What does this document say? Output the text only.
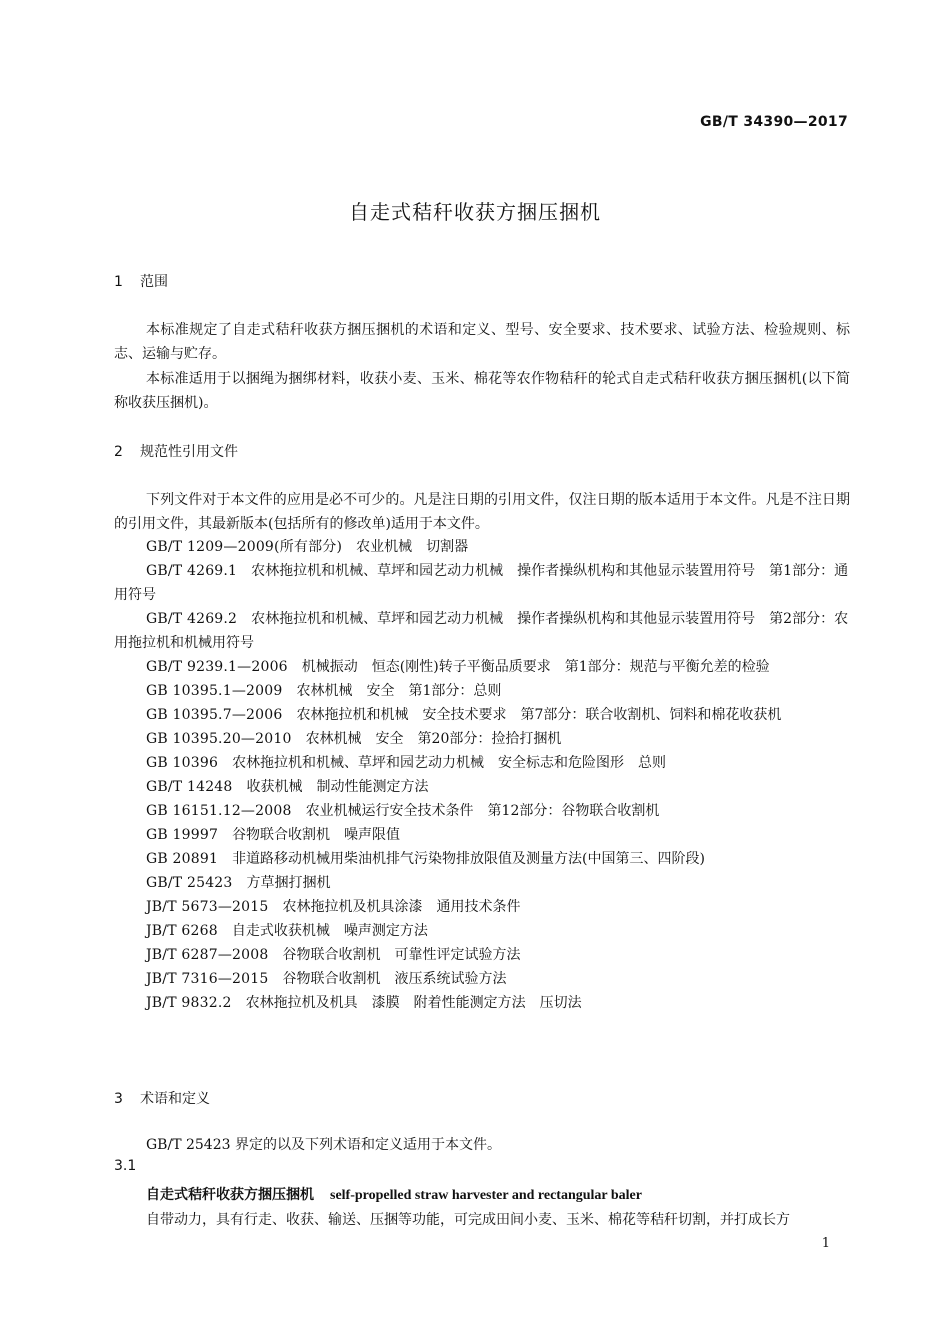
GB/T 34390—2017
自走式秸秆收获方捆压捆机
1 范围
本标准规定了自走式秸秆收获方捆压捆机的术语和定义、型号、安全要求、技术要求、试验方法、检验规则、标志、运输与贮存。
本标准适用于以捆绳为捆绑材料，收获小麦、玉米、棉花等农作物秸秆的轮式自走式秸秆收获方捆压捆机(以下简称收获压捆机)。
2 规范性引用文件
下列文件对于本文件的应用是必不可少的。凡是注日期的引用文件，仅注日期的版本适用于本文件。凡是不注日期的引用文件，其最新版本(包括所有的修改单)适用于本文件。
GB/T 1209—2009(所有部分) 农业机械　切割器
GB/T 4269.1 农林拖拉机和机械、草坪和园艺动力机械　操作者操纵机构和其他显示装置用符号　第1部分：通用符号
GB/T 4269.2 农林拖拉机和机械、草坪和园艺动力机械　操作者操纵机构和其他显示装置用符号　第2部分：农用拖拉机和机械用符号
GB/T 9239.1—2006 机械振动　恒态(刚性)转子平衡品质要求　第1部分：规范与平衡允差的检验
GB 10395.1—2009 农林机械　安全　第1部分：总则
GB 10395.7—2006 农林拖拉机和机械　安全技术要求　第7部分：联合收割机、饲料和棉花收获机
GB 10395.20—2010 农林机械　安全　第20部分：捡拾打捆机
GB 10396 农林拖拉机和机械、草坪和园艺动力机械　安全标志和危险图形　总则
GB/T 14248 收获机械　制动性能测定方法
GB 16151.12—2008 农业机械运行安全技术条件　第12部分：谷物联合收割机
GB 19997 谷物联合收割机　噪声限值
GB 20891 非道路移动机械用柴油机排气污染物排放限值及测量方法(中国第三、四阶段)
GB/T 25423 方草捆打捆机
JB/T 5673—2015 农林拖拉机及机具涂漆　通用技术条件
JB/T 6268 自走式收获机械　噪声测定方法
JB/T 6287—2008 谷物联合收割机　可靠性评定试验方法
JB/T 7316—2015 谷物联合收割机　液压系统试验方法
JB/T 9832.2 农林拖拉机及机具　漆膜　附着性能测定方法　压切法
3 术语和定义
GB/T 25423 界定的以及下列术语和定义适用于本文件。
3.1
自走式秸秆收获方捆压捆机 self-propelled straw harvester and rectangular baler
自带动力，具有行走、收获、输送、压捆等功能，可完成田间小麦、玉米、棉花等秸秆切割，并打成长方
1
